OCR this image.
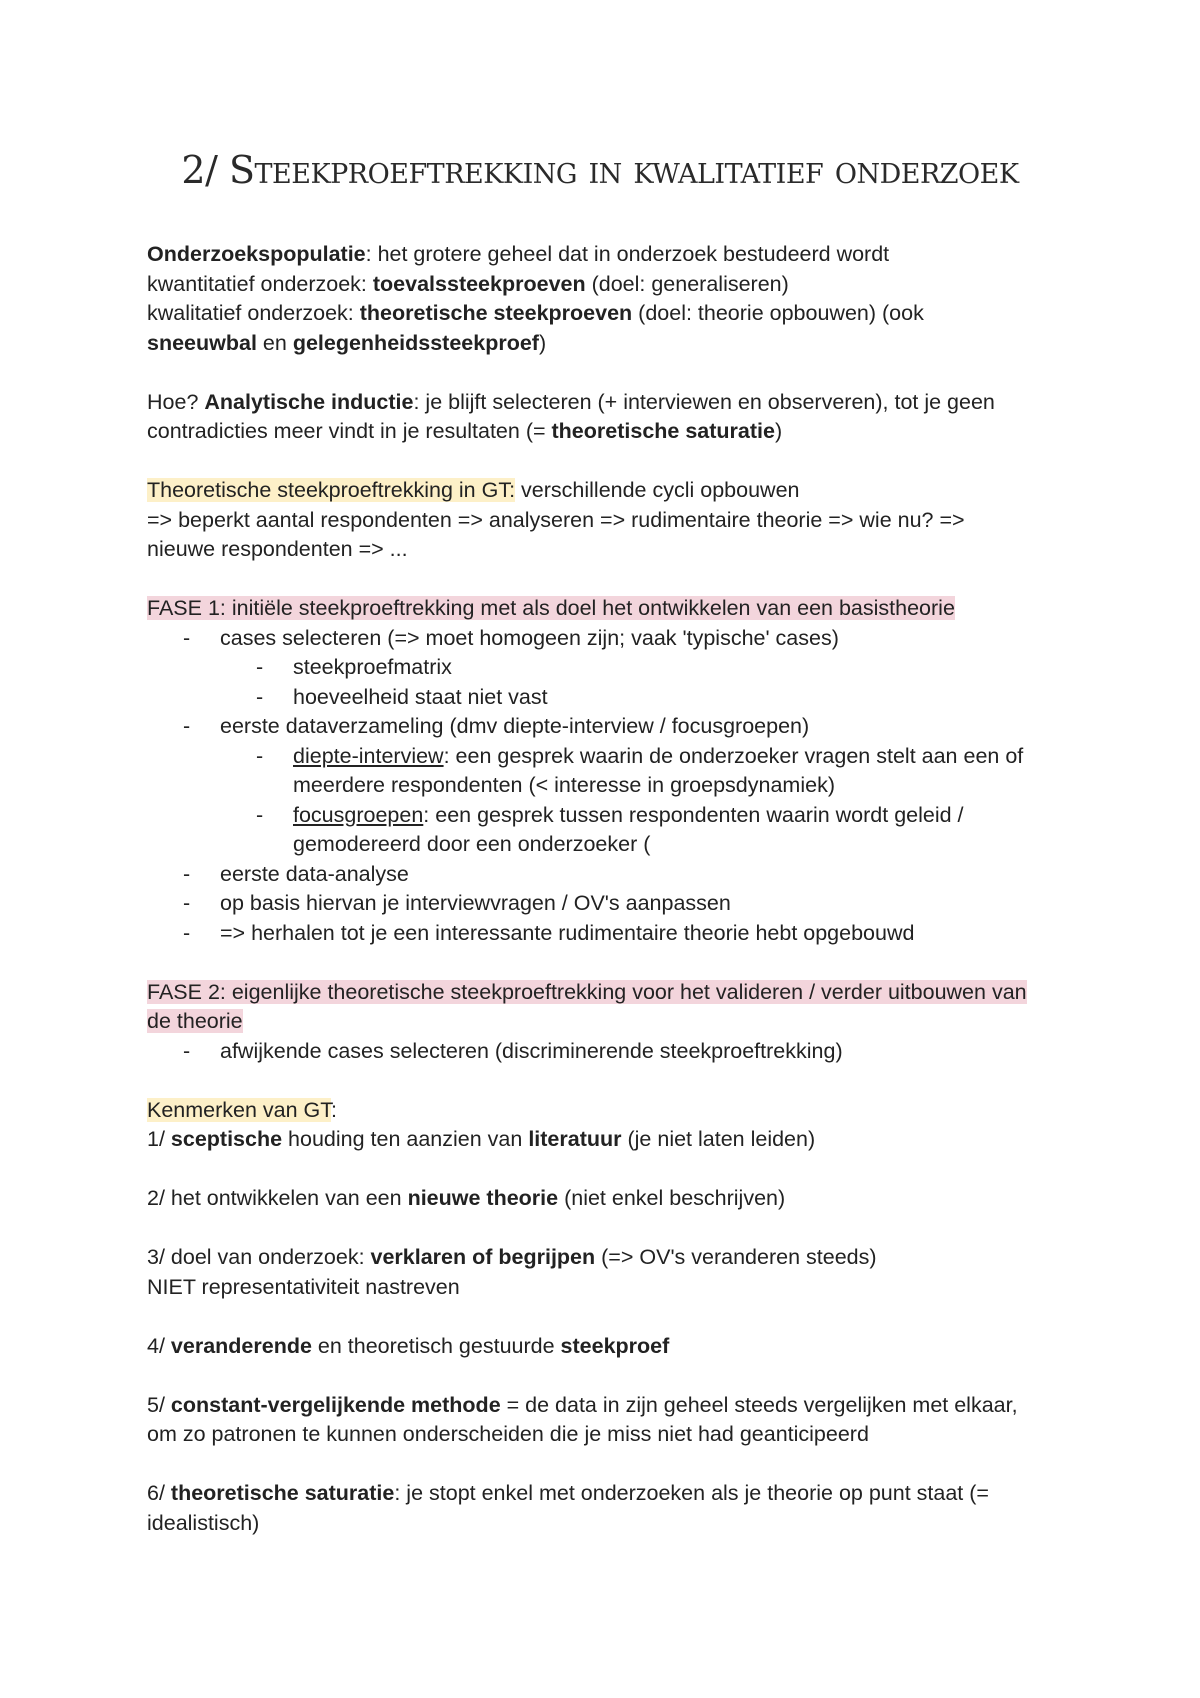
2/ Steekproeftrekking in kwalitatief onderzoek

Onderzoekspopulatie: het grotere geheel dat in onderzoek bestudeerd wordt

kwantitatief onderzoek: toevalssteekproeven (doel: generaliseren)

kwalitatief onderzoek: theoretische steekproeven (doel: theorie opbouwen) (ook

sneeuwbal en gelegenheidssteekproef)

Hoe? Analytische inductie: je blijft selecteren (+ interviewen en observeren), tot je geen

contradicties meer vindt in je resultaten (= theoretische saturatie)

Theoretische steekproeftrekking in GT: verschillende cycli opbouwen

=> beperkt aantal respondenten => analyseren => rudimentaire theorie => wie nu? =>

nieuwe respondenten => ...

FASE 1: initiële steekproeftrekking met als doel het ontwikkelen van een basistheorie

- cases selecteren (=> moet homogeen zijn; vaak 'typische' cases)
- steekproefmatrix
- hoeveelheid staat niet vast
- eerste dataverzameling (dmv diepte-interview / focusgroepen)
- diepte-interview: een gesprek waarin de onderzoeker vragen stelt aan een of
meerdere respondenten (< interesse in groepsdynamiek)
- focusgroepen: een gesprek tussen respondenten waarin wordt geleid /
gemodereerd door een onderzoeker (
- eerste data-analyse
- op basis hiervan je interviewvragen / OV's aanpassen
- => herhalen tot je een interessante rudimentaire theorie hebt opgebouwd

FASE 2: eigenlijke theoretische steekproeftrekking voor het valideren / verder uitbouwen van

de theorie

- afwijkende cases selecteren (discriminerende steekproeftrekking)

Kenmerken van GT:

1/ sceptische houding ten aanzien van literatuur (je niet laten leiden)

2/ het ontwikkelen van een nieuwe theorie (niet enkel beschrijven)

3/ doel van onderzoek: verklaren of begrijpen (=> OV's veranderen steeds)

NIET representativiteit nastreven

4/ veranderende en theoretisch gestuurde steekproef

5/ constant-vergelijkende methode = de data in zijn geheel steeds vergelijken met elkaar,

om zo patronen te kunnen onderscheiden die je miss niet had geanticipeerd

6/ theoretische saturatie: je stopt enkel met onderzoeken als je theorie op punt staat (=

idealistisch)
